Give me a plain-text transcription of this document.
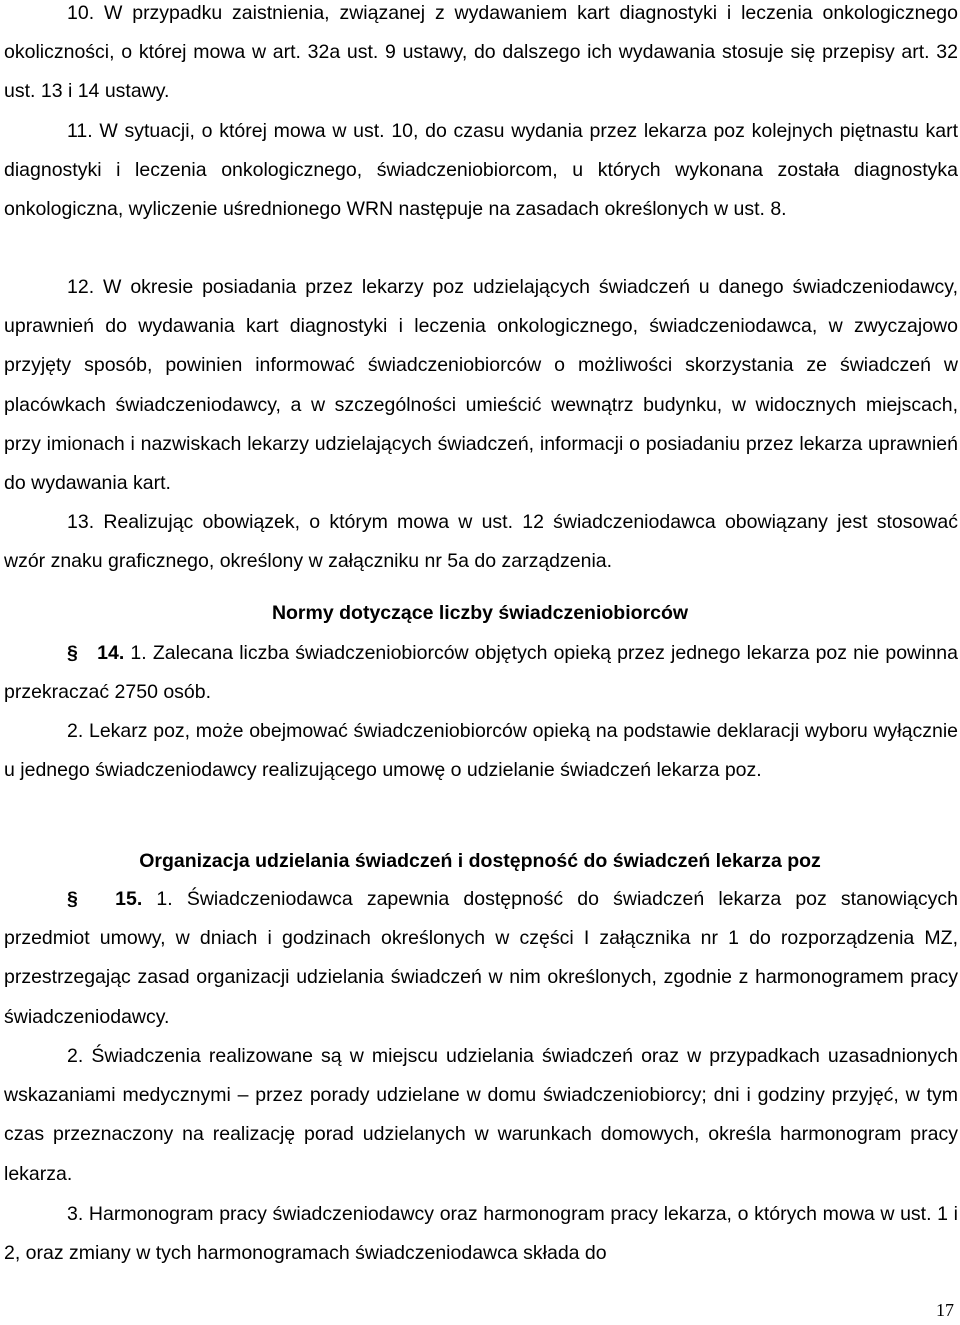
10. W przypadku zaistnienia, związanej z wydawaniem kart diagnostyki i leczenia onkologicznego okoliczności, o której mowa w art. 32a ust. 9 ustawy, do dalszego ich wydawania stosuje się przepisy art. 32 ust. 13 i 14 ustawy.

11. W sytuacji, o której mowa w ust. 10, do czasu wydania przez lekarza poz kolejnych piętnastu kart diagnostyki i leczenia onkologicznego, świadczeniobiorcom, u których wykonana została diagnostyka onkologiczna, wyliczenie uśrednionego WRN następuje na zasadach określonych w ust. 8.

12. W okresie posiadania przez lekarzy poz udzielających świadczeń u danego świadczeniodawcy, uprawnień do wydawania kart diagnostyki i leczenia onkologicznego, świadczeniodawca, w zwyczajowo przyjęty sposób, powinien informować świadczeniobiorców o możliwości skorzystania ze świadczeń w placówkach świadczeniodawcy, a w szczególności umieścić wewnątrz budynku, w widocznych miejscach, przy imionach i nazwiskach lekarzy udzielających świadczeń, informacji o posiadaniu przez lekarza uprawnień do wydawania kart.

13. Realizując obowiązek, o którym mowa w ust. 12 świadczeniodawca obowiązany jest stosować wzór znaku graficznego, określony w załączniku nr 5a do zarządzenia.

Normy dotyczące liczby świadczeniobiorców

§ 14. 1. Zalecana liczba świadczeniobiorców objętych opieką przez jednego lekarza poz nie powinna przekraczać 2750 osób.

2. Lekarz poz, może obejmować świadczeniobiorców opieką na podstawie deklaracji wyboru wyłącznie u jednego świadczeniodawcy realizującego umowę o udzielanie świadczeń lekarza poz.

Organizacja udzielania świadczeń i dostępność do świadczeń lekarza poz

§ 15. 1. Świadczeniodawca zapewnia dostępność do świadczeń lekarza poz stanowiących przedmiot umowy, w dniach i godzinach określonych w części I załącznika nr 1 do rozporządzenia MZ, przestrzegając zasad organizacji udzielania świadczeń w nim określonych, zgodnie z harmonogramem pracy świadczeniodawcy.

2. Świadczenia realizowane są w miejscu udzielania świadczeń oraz w przypadkach uzasadnionych wskazaniami medycznymi – przez porady udzielane w domu świadczeniobiorcy; dni i godziny przyjęć, w tym czas przeznaczony na realizację porad udzielanych w warunkach domowych, określa harmonogram pracy lekarza.

3. Harmonogram pracy świadczeniodawcy oraz harmonogram pracy lekarza, o których mowa w ust. 1 i 2, oraz zmiany w tych harmonogramach świadczeniodawca składa do

17
